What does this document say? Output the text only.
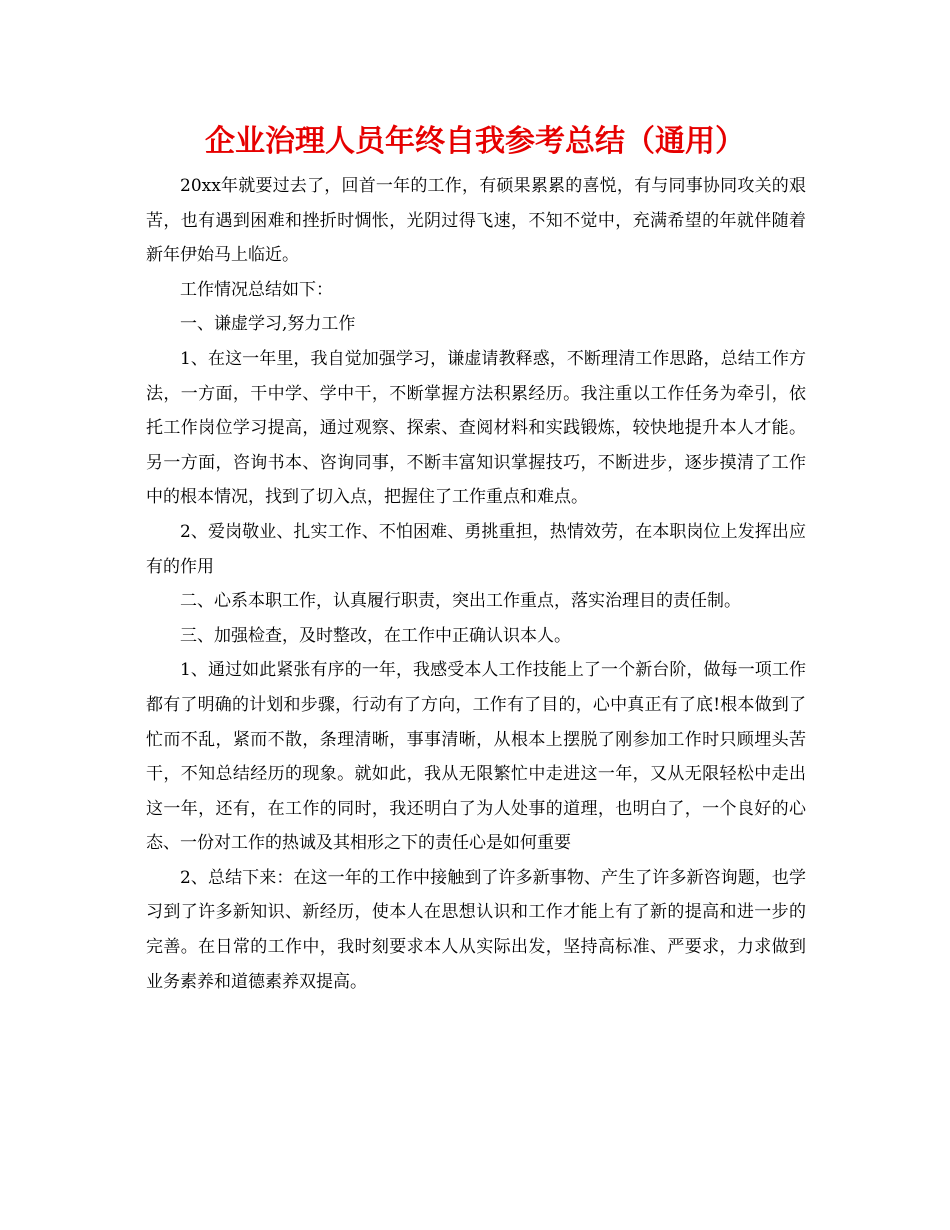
企业治理人员年终自我参考总结（通用）

20xx年就要过去了，回首一年的工作，有硕果累累的喜悦，有与同事协同攻关的艰苦，也有遇到困难和挫折时惆怅，光阴过得飞速，不知不觉中，充满希望的年就伴随着新年伊始马上临近。

工作情况总结如下：

一、谦虚学习,努力工作

1、在这一年里，我自觉加强学习，谦虚请教释惑，不断理清工作思路，总结工作方法，一方面，干中学、学中干，不断掌握方法积累经历。我注重以工作任务为牵引，依托工作岗位学习提高，通过观察、探索、查阅材料和实践锻炼，较快地提升本人才能。另一方面，咨询书本、咨询同事，不断丰富知识掌握技巧，不断进步，逐步摸清了工作中的根本情况，找到了切入点，把握住了工作重点和难点。

2、爱岗敬业、扎实工作、不怕困难、勇挑重担，热情效劳，在本职岗位上发挥出应有的作用

二、心系本职工作，认真履行职责，突出工作重点，落实治理目的责任制。

三、加强检查，及时整改，在工作中正确认识本人。

1、通过如此紧张有序的一年，我感受本人工作技能上了一个新台阶，做每一项工作都有了明确的计划和步骤，行动有了方向，工作有了目的，心中真正有了底!根本做到了忙而不乱，紧而不散，条理清晰，事事清晰，从根本上摆脱了刚参加工作时只顾埋头苦干，不知总结经历的现象。就如此，我从无限繁忙中走进这一年，又从无限轻松中走出这一年，还有，在工作的同时，我还明白了为人处事的道理，也明白了，一个良好的心态、一份对工作的热诚及其相形之下的责任心是如何重要

2、总结下来：在这一年的工作中接触到了许多新事物、产生了许多新咨询题，也学习到了许多新知识、新经历，使本人在思想认识和工作才能上有了新的提高和进一步的完善。在日常的工作中，我时刻要求本人从实际出发，坚持高标准、严要求，力求做到业务素养和道德素养双提高。
